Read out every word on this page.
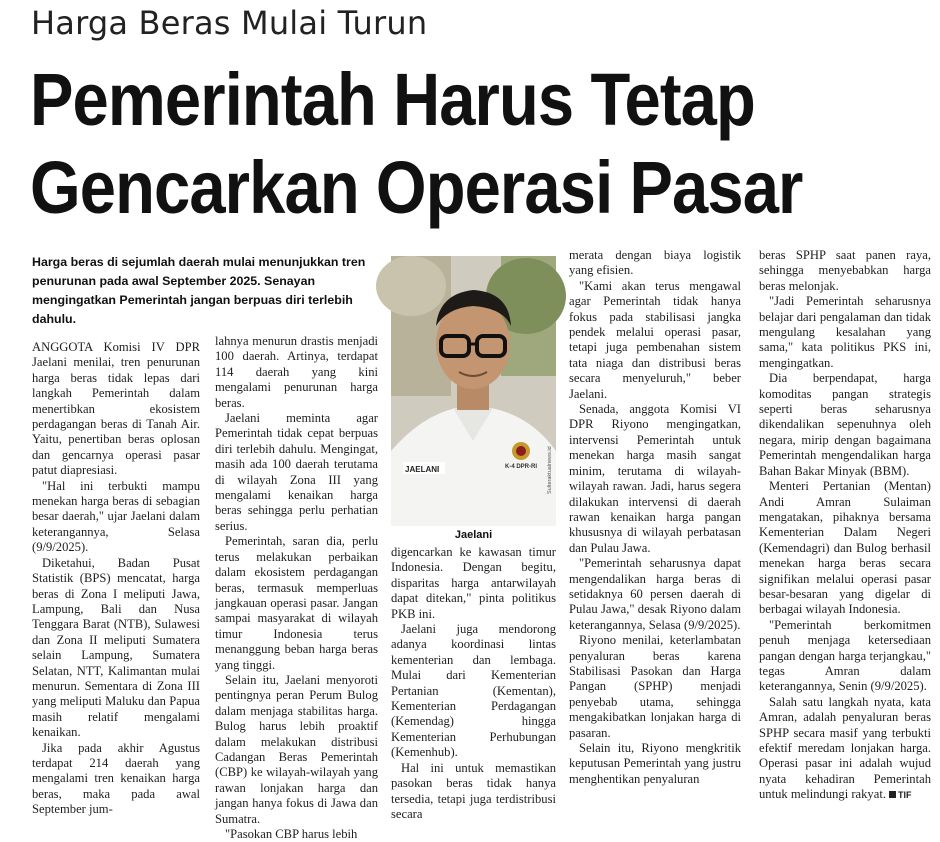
Harga Beras Mulai Turun
Pemerintah Harus Tetap
Gencarkan Operasi Pasar
Harga beras di sejumlah daerah mulai menunjukkan tren penurunan pada awal September 2025. Senayan mengingatkan Pemerintah jangan berpuas diri terlebih dahulu.

ANGGOTA Komisi IV DPR Jaelani menilai, tren penurunan harga beras tidak lepas dari langkah Pemerintah dalam menertibkan ekosistem perdagangan beras di Tanah Air. Yaitu, penertiban beras oplosan dan gencarnya operasi pasar patut diapresiasi.

"Hal ini terbukti mampu menekan harga beras di sebagian besar daerah," ujar Jaelani dalam keterangannya, Selasa (9/9/2025).

Diketahui, Badan Pusat Statistik (BPS) mencatat, harga beras di Zona I meliputi Jawa, Lampung, Bali dan Nusa Tenggara Barat (NTB), Sulawesi dan Zona II meliputi Sumatera selain Lampung, Sumatera Selatan, NTT, Kalimantan mulai menurun. Sementara di Zona III yang meliputi Maluku dan Papua masih relatif mengalami kenaikan.

Jika pada akhir Agustus terdapat 214 daerah yang mengalami tren kenaikan harga beras, maka pada awal September jum-

lahnya menurun drastis menjadi 100 daerah. Artinya, terdapat 114 daerah yang kini mengalami penurunan harga beras.

Jaelani meminta agar Pemerintah tidak cepat berpuas diri terlebih dahulu. Mengingat, masih ada 100 daerah terutama di wilayah Zona III yang mengalami kenaikan harga beras sehingga perlu perhatian serius.

Pemerintah, saran dia, perlu terus melakukan perbaikan dalam ekosistem perdagangan beras, termasuk memperluas jangkauan operasi pasar. Jangan sampai masyarakat di wilayah timur Indonesia terus menanggung beban harga beras yang tinggi.

Selain itu, Jaelani menyoroti pentingnya peran Perum Bulog dalam menjaga stabilitas harga. Bulog harus lebih proaktif dalam melakukan distribusi Cadangan Beras Pemerintah (CBP) ke wilayah-wilayah yang rawan lonjakan harga dan jangan hanya fokus di Jawa dan Sumatra.

"Pasokan CBP harus lebih

JAELANI	K-4 DPR-RI Sulteraktualnews.id
Jaelani

digencarkan ke kawasan timur Indonesia. Dengan begitu, disparitas harga antarwilayah dapat ditekan," pinta politikus PKB ini.

Jaelani juga mendorong adanya koordinasi lintas kementerian dan lembaga. Mulai dari Kementerian Pertanian (Kementan), Kementerian Perdagangan (Kemendag) hingga Kementerian Perhubungan (Kemenhub).

Hal ini untuk memastikan pasokan beras tidak hanya tersedia, tetapi juga terdistribusi secara

merata dengan biaya logistik yang efisien.

"Kami akan terus mengawal agar Pemerintah tidak hanya fokus pada stabilisasi jangka pendek melalui operasi pasar, tetapi juga pembenahan sistem tata niaga dan distribusi beras secara menyeluruh," beber Jaelani.

Senada, anggota Komisi VI DPR Riyono mengingatkan, intervensi Pemerintah untuk menekan harga masih sangat minim, terutama di wilayah-wilayah rawan. Jadi, harus segera dilakukan intervensi di daerah rawan kenaikan harga pangan khususnya di wilayah perbatasan dan Pulau Jawa.

"Pemerintah seharusnya dapat mengendalikan harga beras di setidaknya 60 persen daerah di Pulau Jawa," desak Riyono dalam keterangannya, Selasa (9/9/2025).

Riyono menilai, keterlambatan penyaluran beras karena Stabilisasi Pasokan dan Harga Pangan (SPHP) menjadi penyebab utama, sehingga mengakibatkan lonjakan harga di pasaran.

Selain itu, Riyono mengkritik keputusan Pemerintah yang justru menghentikan penyaluran

beras SPHP saat panen raya, sehingga menyebabkan harga beras melonjak.

"Jadi Pemerintah seharusnya belajar dari pengalaman dan tidak mengulang kesalahan yang sama," kata politikus PKS ini, mengingatkan.

Dia berpendapat, harga komoditas pangan strategis seperti beras seharusnya dikendalikan sepenuhnya oleh negara, mirip dengan bagaimana Pemerintah mengendalikan harga Bahan Bakar Minyak (BBM).

Menteri Pertanian (Mentan) Andi Amran Sulaiman mengatakan, pihaknya bersama Kementerian Dalam Negeri (Kemendagri) dan Bulog berhasil menekan harga beras secara signifikan melalui operasi pasar besar-besaran yang digelar di berbagai wilayah Indonesia.

"Pemerintah berkomitmen penuh menjaga ketersediaan pangan dengan harga terjangkau," tegas Amran dalam keterangannya, Senin (9/9/2025).

Salah satu langkah nyata, kata Amran, adalah penyaluran beras SPHP secara masif yang terbukti efektif meredam lonjakan harga. Operasi pasar ini adalah wujud nyata kehadiran Pemerintah untuk melindungi rakyat. TIF
